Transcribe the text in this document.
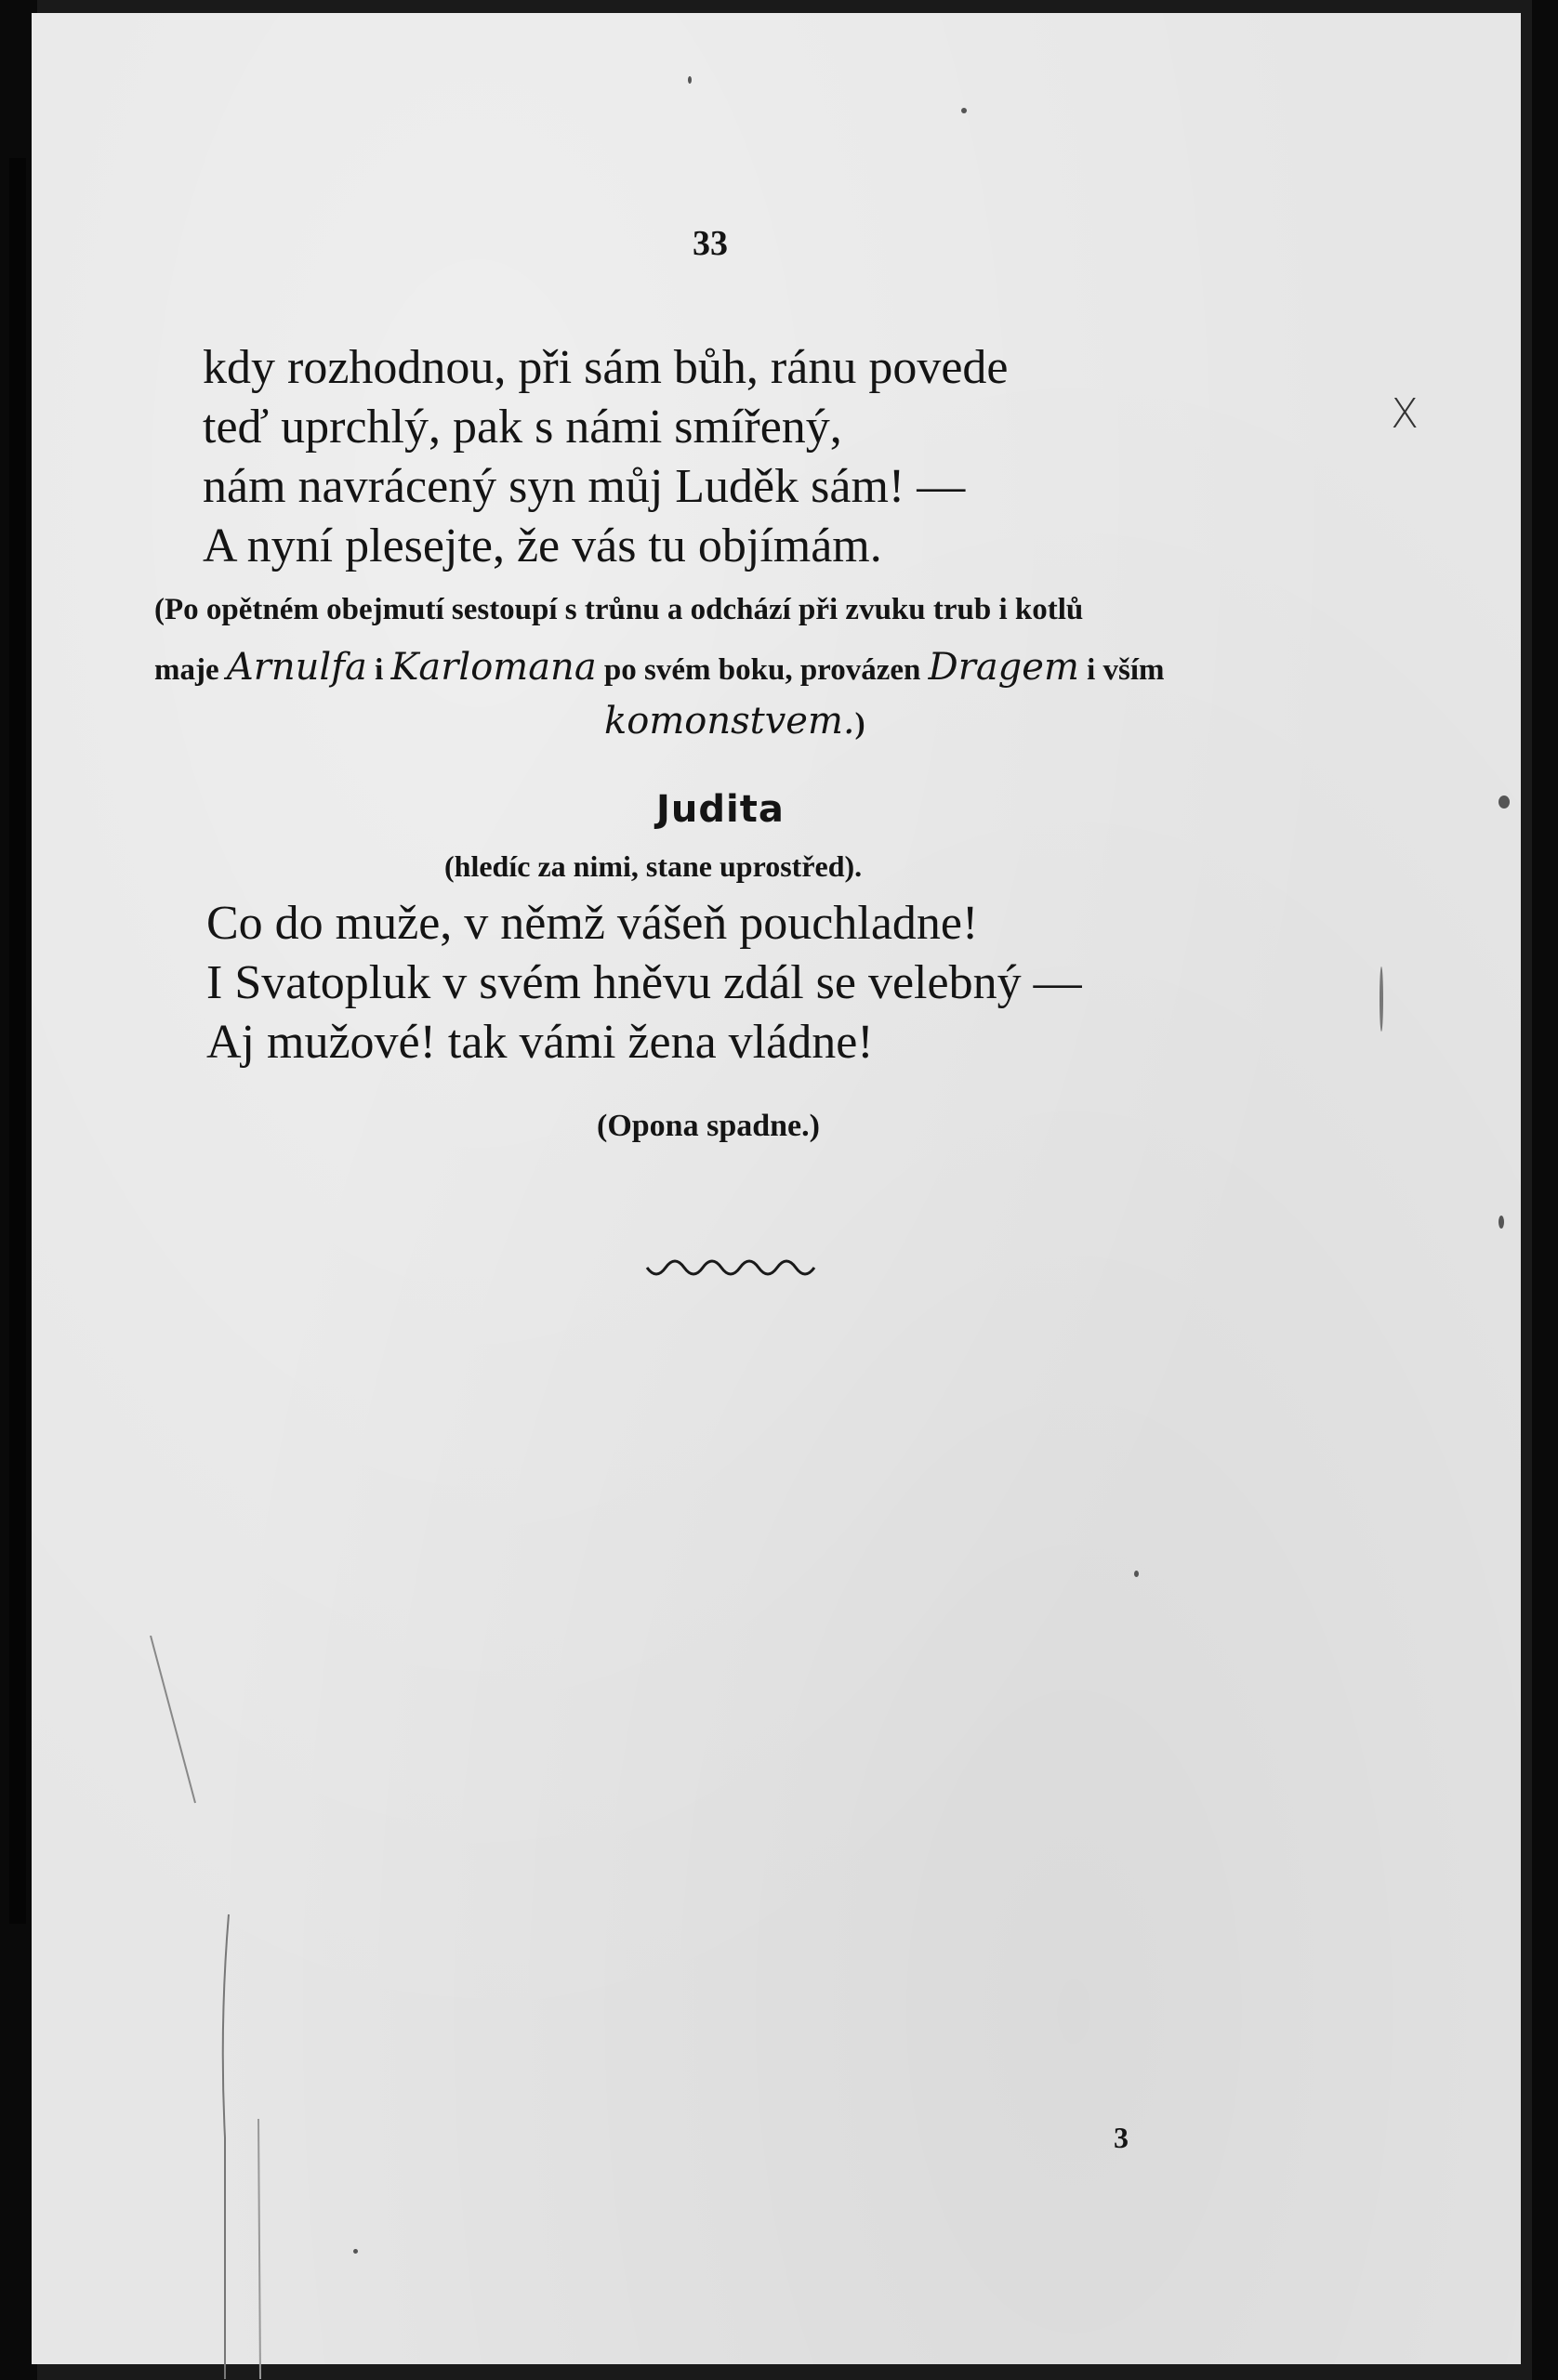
33

X

kdy rozhodnou, při sám bůh, ránu povede

teď uprchlý, pak s námi smířený,

nám navrácený syn můj Luděk sám! —

A nyní plesejte, že vás tu objímám.

(Po opětném obejmutí sestoupí s trůnu a odchází při zvuku trub i kotlů

maje Arnulfa i Karlomana po svém boku, provázen Dragem i vším

komonstvem.)

Judita

(hledíc za nimi, stane uprostřed).

Co do muže, v němž vášeň pouchladne!

I Svatopluk v svém hněvu zdál se velebný —

Aj mužové! tak vámi žena vládne!

(Opona spadne.)

3
